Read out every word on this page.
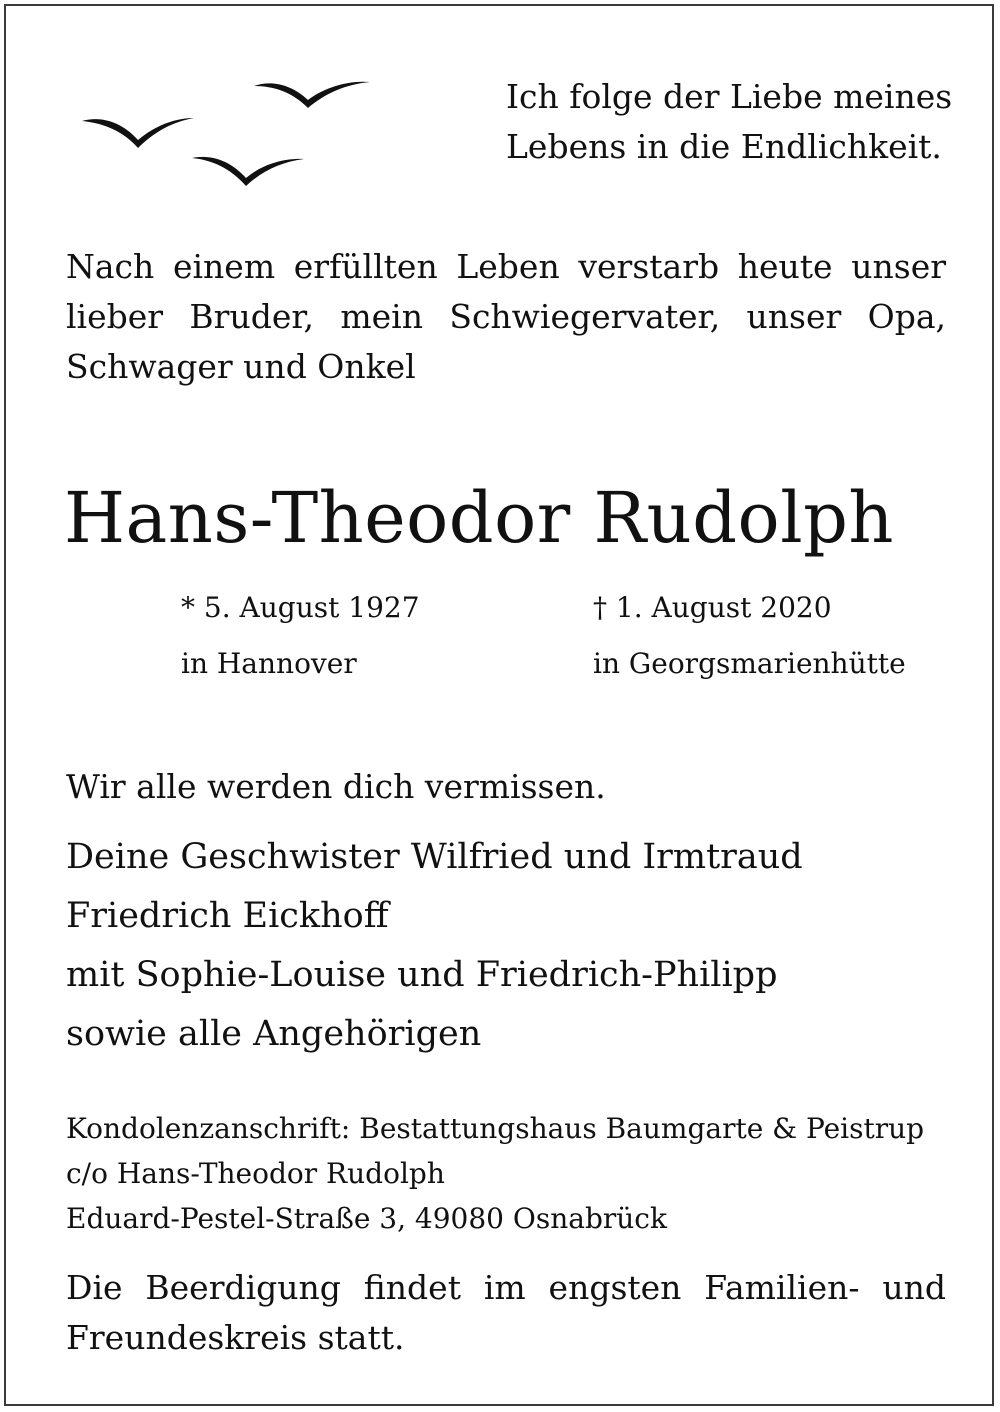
Ich folge der Liebe meines
Lebens in die Endlichkeit.
Nach einem erfüllten Leben verstarb heute unser lieber Bruder, mein Schwiegervater, unser Opa, Schwager und Onkel
Hans-Theodor Rudolph
* 5. August 1927
in Hannover
† 1. August 2020
in Georgsmarienhütte
Wir alle werden dich vermissen.
Deine Geschwister Wilfried und Irmtraud
Friedrich Eickhoff
mit Sophie-Louise und Friedrich-Philipp
sowie alle Angehörigen
Kondolenzanschrift: Bestattungshaus Baumgarte & Peistrup
c/o Hans-Theodor Rudolph
Eduard-Pestel-Straße 3, 49080 Osnabrück
Die Beerdigung findet im engsten Familien- und Freundeskreis statt.
